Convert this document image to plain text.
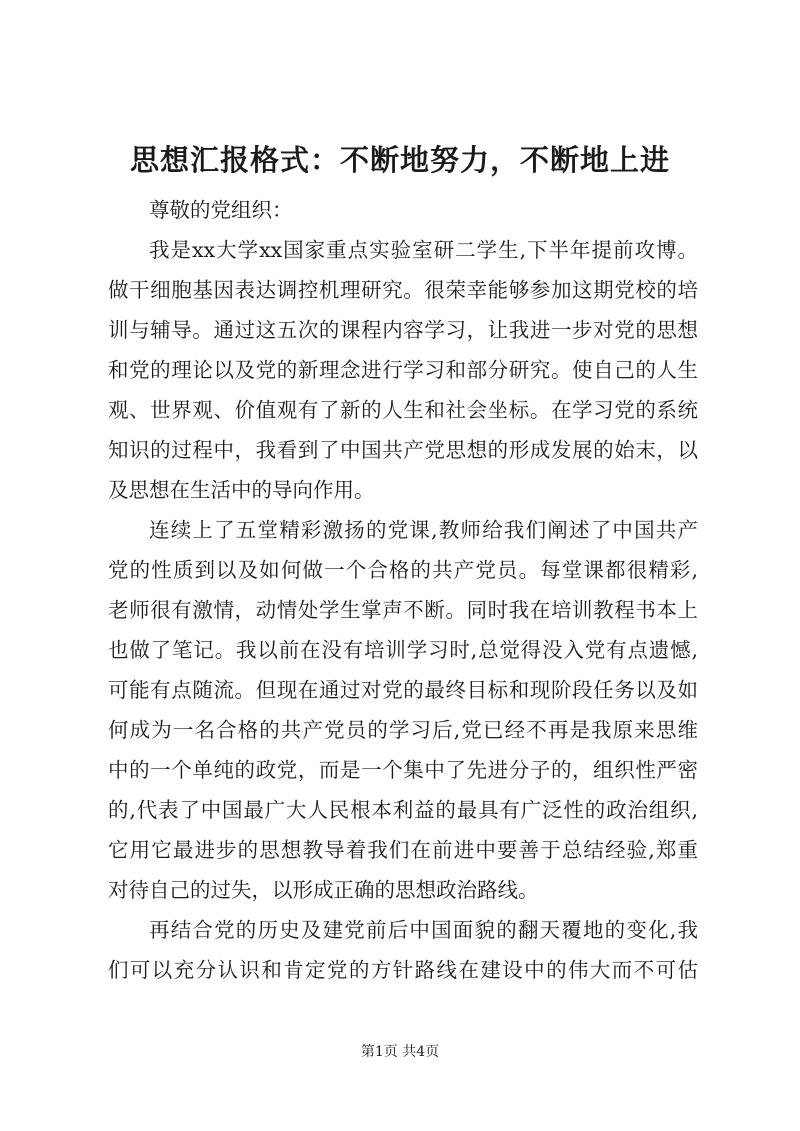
思想汇报格式：不断地努力，不断地上进
尊敬的党组织：
我是xx大学xx国家重点实验室研二学生,下半年提前攻博。
做干细胞基因表达调控机理研究。很荣幸能够参加这期党校的培
训与辅导。通过这五次的课程内容学习，让我进一步对党的思想
和党的理论以及党的新理念进行学习和部分研究。使自己的人生
观、世界观、价值观有了新的人生和社会坐标。在学习党的系统
知识的过程中，我看到了中国共产党思想的形成发展的始末，以
及思想在生活中的导向作用。
连续上了五堂精彩激扬的党课,教师给我们阐述了中国共产
党的性质到以及如何做一个合格的共产党员。每堂课都很精彩,
老师很有激情，动情处学生掌声不断。同时我在培训教程书本上
也做了笔记。我以前在没有培训学习时,总觉得没入党有点遗憾,
可能有点随流。但现在通过对党的最终目标和现阶段任务以及如
何成为一名合格的共产党员的学习后,党已经不再是我原来思维
中的一个单纯的政党，而是一个集中了先进分子的，组织性严密
的,代表了中国最广大人民根本利益的最具有广泛性的政治组织,
它用它最进步的思想教导着我们在前进中要善于总结经验,郑重
对待自己的过失，以形成正确的思想政治路线。
再结合党的历史及建党前后中国面貌的翻天覆地的变化,我
们可以充分认识和肯定党的方针路线在建设中的伟大而不可估
第1页 共4页
